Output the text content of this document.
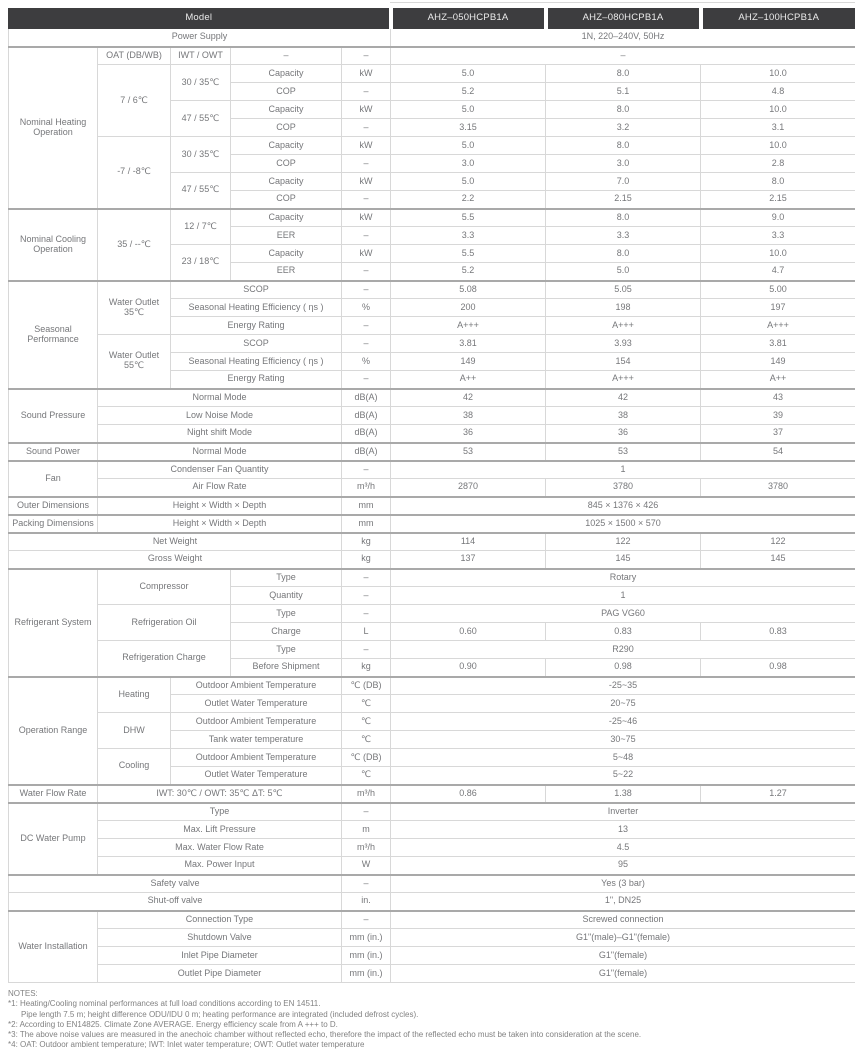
Model					AHZ–050HCPB1A	AHZ–080HCPB1A	AHZ–100HCPB1A
Power Supply					1N, 220–240V, 50Hz		
Nominal Heating Operation	OAT (DB/WB)	IWT / OWT	–	–	–		
	7 / 6℃	30 / 35℃	Capacity	kW	5.0	8.0	10.0
			COP	–	5.2	5.1	4.8
		47 / 55℃	Capacity	kW	5.0	8.0	10.0
			COP	–	3.15	3.2	3.1
	-7 / -8℃	30 / 35℃	Capacity	kW	5.0	8.0	10.0
			COP	–	3.0	3.0	2.8
		47 / 55℃	Capacity	kW	5.0	7.0	8.0
			COP	–	2.2	2.15	2.15
Nominal Cooling Operation	35 / --℃	12 / 7℃	Capacity	kW	5.5	8.0	9.0
			EER	–	3.3	3.3	3.3
		23 / 18℃	Capacity	kW	5.5	8.0	10.0
			EER	–	5.2	5.0	4.7
Seasonal Performance	Water Outlet 35℃	SCOP		–	5.08	5.05	5.00
		Seasonal Heating Efficiency ( ηs )		%	200	198	197
		Energy Rating		–	A+++	A+++	A+++
	Water Outlet 55℃	SCOP		–	3.81	3.93	3.81
		Seasonal Heating Efficiency ( ηs )		%	149	154	149
		Energy Rating		–	A++	A+++	A++
Sound Pressure	Normal Mode			dB(A)	42	42	43
	Low Noise Mode			dB(A)	38	38	39
	Night shift Mode			dB(A)	36	36	37
Sound Power	Normal Mode			dB(A)	53	53	54
Fan	Condenser Fan Quantity			–	1		
	Air Flow Rate			m³/h	2870	3780	3780
Outer Dimensions	Height × Width × Depth			mm	845 × 1376 × 426		
Packing Dimensions	Height × Width × Depth			mm	1025 × 1500 × 570		
Net Weight				kg	114	122	122
Gross Weight				kg	137	145	145
Refrigerant System	Compressor		Type	–	Rotary		
			Quantity	–	1		
	Refrigeration Oil		Type	–	PAG VG60		
			Charge	L	0.60	0.83	0.83
	Refrigeration Charge		Type	–	R290		
			Before Shipment	kg	0.90	0.98	0.98
Operation Range	Heating	Outdoor Ambient Temperature		℃ (DB)	-25~35		
		Outlet Water Temperature		℃	20~75		
	DHW	Outdoor Ambient Temperature		℃	-25~46		
		Tank water temperature		℃	30~75		
	Cooling	Outdoor Ambient Temperature		℃ (DB)	5~48		
		Outlet Water Temperature		℃	5~22		
Water Flow Rate	IWT: 30℃ / OWT: 35℃ ΔT: 5℃			m³/h	0.86	1.38	1.27
DC Water Pump	Type			–	Inverter		
	Max. Lift Pressure			m	13		
	Max. Water Flow Rate			m³/h	4.5		
	Max. Power Input			W	95		
Safety valve				–	Yes (3 bar)		
Shut-off valve				in.	1", DN25		
Water Installation	Connection Type			–	Screwed connection		
	Shutdown Valve			mm (in.)	G1"(male)–G1"(female)		
	Inlet Pipe Diameter			mm (in.)	G1"(female)		
	Outlet Pipe Diameter			mm (in.)	G1"(female)		
NOTES:
*1: Heating/Cooling nominal performances at full load conditions according to EN 14511.
Pipe length 7.5 m; height difference ODU/IDU 0 m; heating performance are integrated (included defrost cycles).
*2: According to EN14825. Climate Zone AVERAGE. Energy efficiency scale from A +++ to D.
*3: The above noise values are measured in the anechoic chamber without reflected echo, therefore the impact of the reflected echo must be taken into consideration at the scene.
*4: OAT: Outdoor ambient temperature; IWT: Inlet water temperature; OWT: Outlet water temperature
